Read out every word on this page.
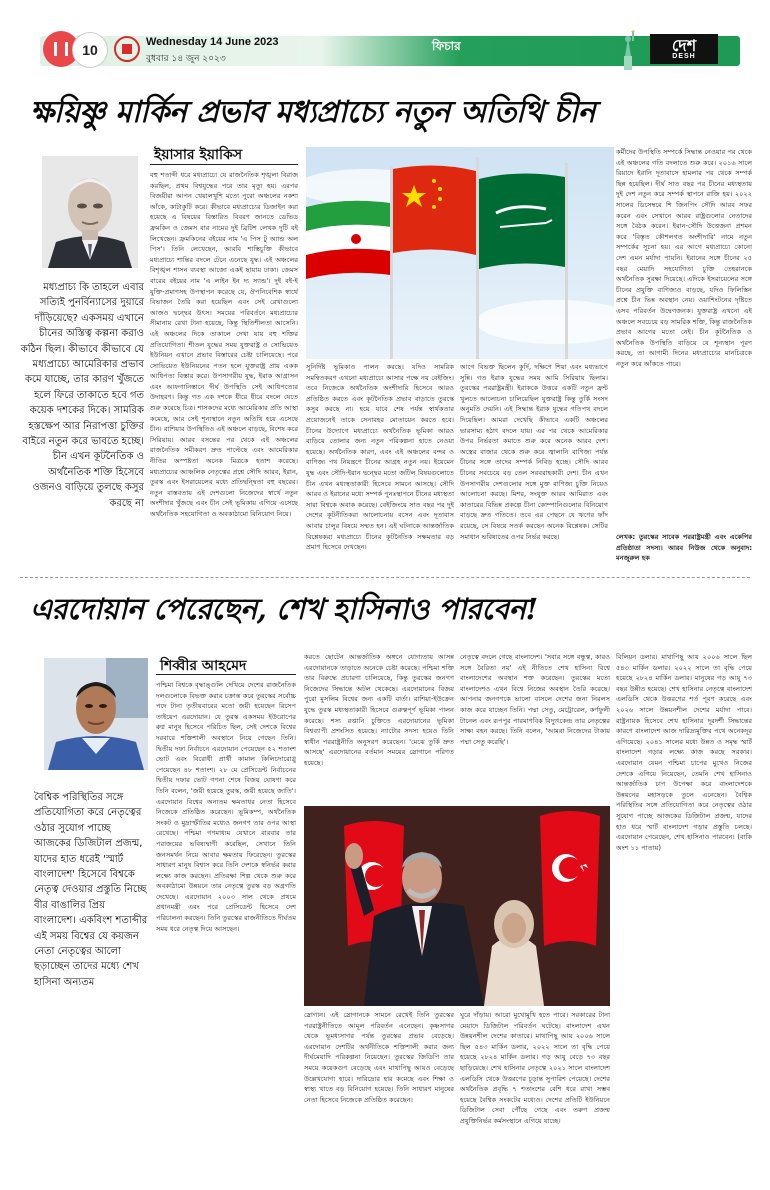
10	Wednesday 14 June 2023
বুধবার ১৪ জুন ২০২৩
ফিচার	দেশ
DESH
ক্ষয়িষ্ণু মার্কিন প্রভাব মধ্যপ্রাচ্যে নতুন অতিথি চীন
ইয়াসার ইয়াকিস
বহু শতাব্দী ধরে মধ্যপ্রাচ্যে যে রাজনৈতিক শৃঙ্খলা বিরাজ করছিল, প্রথম বিশ্বযুদ্ধের পরে তার মৃত্যু হয়। এরপর বিজয়ীরা আপন খেয়ালখুশি মতো পুরো অঞ্চলের নকশা আঁকে, কাটাকুটি করে। কীভাবে মধ্যপ্রাচ্যের ডিজাইন করা হয়েছে এ বিষয়ের বিস্তারিত বিবরণ জানতে ডেভিড ফ্রমকিন ও জেমস বার নামের দুই ব্রিটিশ লেখক দুটি বই লিখেছেন। ফ্রমকিনের বইয়ের নাম 'এ পিস টু অ্যান্ড অল পিস'। তিনি লেখেছেন, আরবি শাস্তিচুক্তি কীভাবে মধ্যপ্রাচ্যে শান্তির বদলে টেনে এনেছে যুদ্ধ। এই অঞ্চলের বিশৃঙ্খল শাসন ব্যবস্থা আজো একই ছায়ায় ঢাকা। জেমস বারের বইয়ের নাম 'এ লাইন ইন দ্য স্যান্ড'। দুই বই-ই যুক্তি-প্রমাণসহ উপস্থাপন করেছে যে, ঔপনিবেশিক স্বার্থে বিভাজন তৈরি করা হয়েছিল এবং সেই রেখাগুলো আজও দ্বন্দ্বের উৎস। সময়ের পরিবর্তনে মধ্যপ্রাচ্যের সীমানায় রেখা টানা হয়েছে, কিন্তু স্থিতিশীলতা আসেনি। এই অঞ্চলের দিকে তাকালে দেখা যায় বহু শক্তির প্রতিযোগিতা। শীতল যুদ্ধের সময় যুক্তরাষ্ট্র ও সোভিয়েত ইউনিয়ন এখানে প্রভাব বিস্তারের চেষ্টা চালিয়েছে। পরে সোভিয়েত ইউনিয়নের পতন হলে যুক্তরাষ্ট্র প্রায় একক আধিপত্য বিস্তার করে। উপসাগরীয় যুদ্ধ, ইরাক আগ্রাসন এবং আফগানিস্তানে দীর্ঘ উপস্থিতি সেই আধিপত্যের উদাহরণ। কিন্তু গত এক দশকে ধীরে ধীরে বদলে যেতে শুরু করেছে চিত্র। শাসকদের মধ্যে আমেরিকার প্রতি আস্থা কমেছে, আর সেই শূন্যস্থানে নতুন অতিথি হয়ে এসেছে চীন। রাশিয়ার উপস্থিতিও এই অঞ্চলে বাড়ছে, বিশেষ করে সিরিয়ায়। আরব বসন্তের পর থেকে এই অঞ্চলের রাজনৈতিক সমীকরণ দ্রুত পাল্টেছে এবং আমেরিকার নীতির অস্পষ্টতা অনেক মিত্রকে হতাশ করেছে। মধ্যপ্রাচ্যের আঞ্চলিক নেতৃত্বের প্রশ্নে সৌদি আরব, ইরান, তুরস্ক এবং ইসরায়েলের মধ্যে প্রতিদ্বন্দ্বিতা বহু বছরের। নতুন বাস্তবতায় এই দেশগুলো নিজেদের স্বার্থে নতুন অংশীদার খুঁজছে এবং চীন সেই ভূমিকায় এগিয়ে এসেছে অর্থনৈতিক সহযোগিতা ও অবকাঠামো বিনিয়োগ নিয়ে।
মধ্যপ্রাচ্য কি তাহলে এবার সত্যিই পুনর্বিন্যাসের দুয়ারে দাঁড়িয়েছে? একসময় এখানে চীনের অস্তিত্ব কল্পনা করাও কঠিন ছিল। কীভাবে কীভাবে যে মধ্যপ্রাচ্যে আমেরিকার প্রভাব কমে যাচ্ছে, তার কারণ খুঁজতে হলে ফিরে তাকাতে হবে গত কয়েক দশকের দিকে। সামরিক হস্তক্ষেপ আর নিরাপত্তা চুক্তির বাইরে নতুন করে ভাবতে হচ্ছে। চীন এখন কূটনৈতিক ও অর্থনৈতিক শক্তি হিসেবে ওজনও বাড়িয়ে তুলছে কসুর করছে না
সুনির্দিষ্ট ভূমিকাও পালন করছে। যদিও সামরিক সমন্বিতকরণ এখনো মধ্যপ্রাচ্যে আসার পক্ষে নয় বেইজিং। তবে নিজেকে অর্থনৈতিক অংশীদারি হিসেবে আরও প্রতিষ্ঠিত করতে এবং কূটনৈতিক প্রভাব বাড়াতে তুরস্কে কসুর করছে না। হয়ে যাবে শেষ পর্যন্ত স্বার্থকতার প্রয়োজনেই তাকে সেনাবহর মোতায়েন করতে হবে। চীনের উদ্যোগে মধ্যপ্রাচ্যে অর্থনৈতিক ভূমিকা আরও বাড়িয়ে তোলার জন্য নতুন পরিকল্পনা হাতে নেওয়া হয়েছে। অর্থনৈতিক কারণ, এবং এই অঞ্চলের বন্দর ও বাণিজ্য পথ নিয়ন্ত্রণে চীনের আগ্রহ নতুন নয়। ইয়েমেন যুদ্ধ এবং সৌদি-ইরান দ্বন্দ্বের মতো জটিল বিষয়গুলোতে চীন এখন মধ্যস্থতাকারী হিসেবে সামনে আসছে। সৌদি আরব ও ইরানের মধ্যে সম্পর্ক পুনঃস্থাপনে চীনের মধ্যস্থতা সারা বিশ্বকে অবাক করেছে। বেইজিংয়ে সাত বছর পর দুই দেশের কূটনীতিকরা আলোচনায় বসেন এবং দূতাবাস আবার চালুর বিষয়ে সম্মত হন। এই ঘটনাকে আন্তর্জাতিক বিশ্লেষকরা মধ্যপ্রাচ্যে চীনের কূটনৈতিক সক্ষমতার বড় প্রমাণ হিসেবে দেখছেন।
আগে বিভক্ত ছিলেন কুর্দি, দক্ষিণে শিয়া এবং মধ্যভাগে সুন্নি। গত ইরাক যুদ্ধের সময় আমি সিরিয়ায় ছিলাম। তুরস্কের পররাষ্ট্রমন্ত্রী। ইরাককে উত্তরে একটি নতুন ফ্রন্ট খুলতে আলোচনা চালিয়েছিল যুক্তরাষ্ট্র কিন্তু তুর্কি সংসদ অনুমতি দেয়নি। এই সিদ্ধান্ত ইরাক যুদ্ধের গতিপথ বদলে দিয়েছিল। আমরা দেখেছি কীভাবে একটি অঞ্চলের ভারসাম্য হঠাৎ বদলে যায়। এর পর থেকে আমেরিকার উপর নির্ভরতা কমাতে শুরু করে অনেক আরব দেশ। অস্ত্রের বাজার থেকে শুরু করে জ্বালানি বাণিজ্য পর্যন্ত চীনের সঙ্গে তাদের সম্পর্ক নিবিড় হচ্ছে। সৌদি আরব চীনের সবচেয়ে বড় তেল সরবরাহকারী দেশ। চীন এখন উপসাগরীয় দেশগুলোর সঙ্গে মুক্ত বাণিজ্য চুক্তি নিয়েও আলোচনা করছে। মিশর, সংযুক্ত আরব আমিরাত এবং কাতারের বিভিন্ন প্রকল্পে চীনা কোম্পানিগুলোর বিনিয়োগ বাড়ছে দ্রুত গতিতে। তবে এর পেছনে যে ঋণের ফাঁদ রয়েছে, সে বিষয়ে সতর্ক করছেন অনেক বিশ্লেষক। সেটির সমাধান ভবিষ্যতের ওপর নির্ভর করছে।
কর্মীদের উপস্থিতি সম্পর্কে সিদ্ধান্ত নেওয়ার পর থেকে এই অঞ্চলের গতি বদলাতে শুরু করে। ২০১৬ সালে রিয়াদে ইরানি দূতাবাসে হামলার পর থেকে সম্পর্ক ছিন্ন হয়েছিল। দীর্ঘ সাত বছর পর চীনের মধ্যস্থতায় দুই দেশ নতুন করে সম্পর্ক স্থাপনে রাজি হয়। ২০২২ সালের ডিসেম্বরে শি জিনপিং সৌদি আরব সফর করেন এবং সেখানে আরব রাষ্ট্রগুলোর নেতাদের সঙ্গে বৈঠক করেন। ইরান-সৌদি উত্তেজনা প্রশমন করে 'বিস্তৃত কৌশলগত অংশীদারি' নামে নতুন সম্পর্কের সূচনা হয়। এর আগে মধ্যপ্রাচ্যে কোনো দেশ এমন মর্যাদা পায়নি। ইরানের সঙ্গে চীনের ২৫ বছর মেয়াদি সহযোগিতা চুক্তি তেহরানকে অর্থনৈতিক সুরক্ষা দিয়েছে। এদিকে ইসরায়েলের সঙ্গে চীনের প্রযুক্তি বাণিজ্যও বাড়ছে, যদিও ফিলিস্তিন প্রশ্নে চীন ভিন্ন অবস্থান নেয়। ওয়াশিংটনের দৃষ্টিতে এসব পরিবর্তন উদ্বেগজনক। যুক্তরাষ্ট্র এখনো এই অঞ্চলে সবচেয়ে বড় সামরিক শক্তি, কিন্তু রাজনৈতিক প্রভাব আগের মতো নেই। চীন কূটনৈতিক ও অর্থনৈতিক উপস্থিতি বাড়িয়ে যে শূন্যস্থান পূরণ করছে, তা আগামী দিনের মধ্যপ্রাচ্যের মানচিত্রকে নতুন করে আঁকতে পারে।
লেখক: তুরস্কের সাবেক পররাষ্ট্রমন্ত্রী এবং একেপির প্রতিষ্ঠাতা সদস্য। আরব নিউজ থেকে অনুবাদ: মনজুরুল হক
এরদোয়ান পেরেছেন, শেখ হাসিনাও পারবেন!
শিব্বীর আহমেদ
পশ্চিমা বিশ্বকে বৃদ্ধাঙ্গুলি দেখিয়ে দেশের রাজনৈতিক দলগুলোকে বিভক্ত করার চক্রান্ত করে তুরস্কের সর্বোচ্চ পদে টানা তৃতীয়বারের মতো জয়ী হয়েছেন রিসেপ তাইয়েপ এরদোয়ান। যে তুরস্ক একসময় ইউরোপের রুগ্ন মানুষ হিসেবে পরিচিত ছিল, সেই দেশকে বিশ্বের দরবারে শক্তিশালী অবস্থানে নিয়ে গেছেন তিনি। দ্বিতীয় দফা নির্বাচনে এরদোয়ান পেয়েছেন ৫২ শতাংশ ভোট এবং বিরোধী প্রার্থী কামাল কিলিচদারোগ্লু পেয়েছেন ৪৮ শতাংশ। ২৮ মে প্রেসিডেন্ট নির্বাচনের দ্বিতীয় দফার ভোট গণনা শেষে বিজয় ঘোষণা করে তিনি বলেন, 'জয়ী হয়েছে তুরস্ক, জয়ী হয়েছে জাতি'। এরদোয়ান বিশ্বের অন্যতম ক্ষমতাধর নেতা হিসেবে নিজেকে প্রতিষ্ঠিত করেছেন। ভূমিকম্প, অর্থনৈতিক সংকট ও মুদ্রাস্ফীতির মধ্যেও জনগণ তার ওপর আস্থা রেখেছে। পশ্চিমা গণমাধ্যম যেখানে বারবার তার পরাজয়ের ভবিষ্যদ্বাণী করেছিল, সেখানে তিনি জনসমর্থন নিয়ে আবার ক্ষমতায় ফিরেছেন। তুরস্কের সাধারণ মানুষ বিশ্বাস করে তিনি দেশকে স্বনির্ভর করার লক্ষ্যে কাজ করছেন। প্রতিরক্ষা শিল্প থেকে শুরু করে অবকাঠামো উন্নয়নে তার নেতৃত্বে তুরস্ক বড় অগ্রগতি দেখেছে। এরদোয়ান ২০০৩ সাল থেকে প্রথমে প্রধানমন্ত্রী এবং পরে প্রেসিডেন্ট হিসেবে দেশ পরিচালনা করছেন। তিনি তুরস্কের রাজনীতিতে দীর্ঘতম সময় ধরে নেতৃত্ব দিয়ে আসছেন।
বৈশ্বিক পরিস্থিতির সঙ্গে প্রতিযোগিতা করে নেতৃত্বের ওঠার সুযোগ পাচ্ছে আজকের ডিজিটাল প্রজন্ম, যাদের হাত ধরেই 'স্মার্ট বাংলাদেশ' হিসেবে বিশ্বকে নেতৃত্ব দেওয়ার প্রস্তুতি নিচ্ছে বীর বাঙালির প্রিয় বাংলাদেশ। একবিংশ শতাব্দীর এই সময় বিশ্বের যে কয়জন নেতা নেতৃত্বের আলো ছড়াচ্ছেন তাদের মধ্যে শেখ হাসিনা অন্যতম
করতে ছোটেন আন্তর্জাতিক অঙ্গনে যোগ্যতায় আসন্ন এরদোয়ানকে তাড়াতে অনেকে চেষ্টা করেছে। পশ্চিমা শক্তি তার বিরুদ্ধে প্রচারণা চালিয়েছে, কিন্তু তুরস্কের জনগণ নিজেদের সিদ্ধান্তে অটল থেকেছে। এরদোয়ানের বিজয় পুরো মুসলিম বিশ্বের জন্য একটি বার্তা। রাশিয়া-ইউক্রেন যুদ্ধে তুরস্ক মধ্যস্থতাকারী হিসেবে গুরুত্বপূর্ণ ভূমিকা পালন করেছে। শস্য রপ্তানি চুক্তিতে এরদোয়ানের ভূমিকা বিশ্বব্যাপী প্রশংসিত হয়েছে। ন্যাটোর সদস্য হয়েও তিনি স্বাধীন পররাষ্ট্রনীতি অনুসরণ করেছেন। 'মেঝে তুর্কি দ্রুত আসছে' এরদোয়ানের বর্তমান সময়ের স্লোগানে পরিণত হয়েছে।
নেতৃত্বে বদলে গেছে বাংলাদেশ। 'সবার সঙ্গে বন্ধুত্ব, কারও সঙ্গে বৈরিতা নয়' এই নীতিতে শেখ হাসিনা বিশ্বে বাংলাদেশের অবস্থান শক্ত করেছেন। তুরস্কের মতো বাংলাদেশও এখন বিশ্বে নিজের অবস্থান তৈরি করেছে। আপনার জনগণকে ভালো বাসলে দেশের জন্য নিরলস কাজ করে যাচ্ছেন তিনি। পদ্মা সেতু, মেট্রোরেল, কর্ণফুলী টানেল এবং রূপপুর পারমাণবিক বিদ্যুৎকেন্দ্র তার নেতৃত্বের সাক্ষ্য বহন করছে। তিনি বলেন, 'আমরা নিজেদের টাকায় পদ্মা সেতু করেছি'।
স্লোগান। এই স্লোগানকে সামনে রেখেই তিনি তুরস্কের পররাষ্ট্রনীতিতে আমূল পরিবর্তন এনেছেন। কৃষ্ণসাগর থেকে ভূমধ্যসাগর পর্যন্ত তুরস্কের প্রভাব বেড়েছে। এরদোয়ান দেশটির অর্থনীতিকে শক্তিশালী করার জন্য দীর্ঘমেয়াদি পরিকল্পনা নিয়েছেন। তুরস্কের জিডিপি তার সময়ে কয়েকগুণ বেড়েছে এবং মাথাপিছু আয়ও বেড়েছে উল্লেখযোগ্য হারে। দারিদ্র্যের হার কমেছে এবং শিক্ষা ও স্বাস্থ্য খাতে বড় বিনিয়োগ হয়েছে। তিনি সাধারণ মানুষের নেতা হিসেবে নিজেকে প্রতিষ্ঠিত করেছেন।
ঘুরে দাঁড়ায়। আরো মুখোমুখি হতে পারে। সরকারের টানা মেয়াদে ডিজিটাল পরিবর্তন ঘটেছে। বাংলাদেশ এখন উন্নয়নশীল দেশের কাতারে। মাথাপিছু আয় ২০০৬ সালে ছিল ৫৪৩ মার্কিন ডলার, ২০২২ সালে তা বৃদ্ধি পেয়ে হয়েছে ২৮২৪ মার্কিন ডলার। গড় আয়ু বেড়ে ৭৩ বছর ছাড়িয়েছে। শেখ হাসিনার নেতৃত্বে ২০২১ সালে বাংলাদেশ এলডিসি থেকে উত্তরণের চূড়ান্ত সুপারিশ পেয়েছে। দেশের অর্থনৈতিক প্রবৃদ্ধি ৭ শতাংশের বেশি ধরে রাখা সম্ভব হয়েছে বৈশ্বিক সংকটের মধ্যেও। দেশের প্রতিটি ইউনিয়নে ডিজিটাল সেবা পৌঁছে গেছে এবং তরুণ প্রজন্ম প্রযুক্তিনির্ভর কর্মসংস্থানে এগিয়ে যাচ্ছে।
বিলিয়ন ডলার। মাথাপিছু আয় ২০০৬ সালে ছিল ৫৪৩ মার্কিন ডলার। ২০২২ সালে তা বৃদ্ধি পেয়ে হয়েছে ২৮২৪ মার্কিন ডলার। মানুষের গড় আয়ু ৭৩ বছর উন্নীত হয়েছে। শেখ হাসিনার নেতৃত্বে বাংলাদেশ এলডিসি থেকে উত্তরণের শর্ত পূরণ করেছে এবং ২০২৬ সালে উন্নয়নশীল দেশের মর্যাদা পাবে। রাষ্ট্রনায়ক হিসেবে শেখ হাসিনার দূরদর্শী সিদ্ধান্তের কারণে বাংলাদেশ আজ দারিদ্র্যমুক্তির পথে অনেকদূর এগিয়েছে। ২০৪১ সালের মধ্যে উন্নত ও সমৃদ্ধ স্মার্ট বাংলাদেশ গড়ার লক্ষ্যে কাজ করছে সরকার। এরদোয়ান যেমন পশ্চিমা চাপের মুখেও নিজের দেশকে এগিয়ে নিয়েছেন, তেমনি শেখ হাসিনাও আন্তর্জাতিক চাপ উপেক্ষা করে বাংলাদেশকে উন্নয়নের মহাসড়কে তুলে এনেছেন। বৈশ্বিক পরিস্থিতির সঙ্গে প্রতিযোগিতা করে নেতৃত্বের ওঠার সুযোগ পাচ্ছে আজকের ডিজিটাল প্রজন্ম, যাদের হাত ধরে স্মার্ট বাংলাদেশ গড়ার প্রস্তুতি চলছে। এরদোয়ান পেরেছেন, শেখ হাসিনাও পারবেন। (বাকি অংশ ১১ পাতায়)
